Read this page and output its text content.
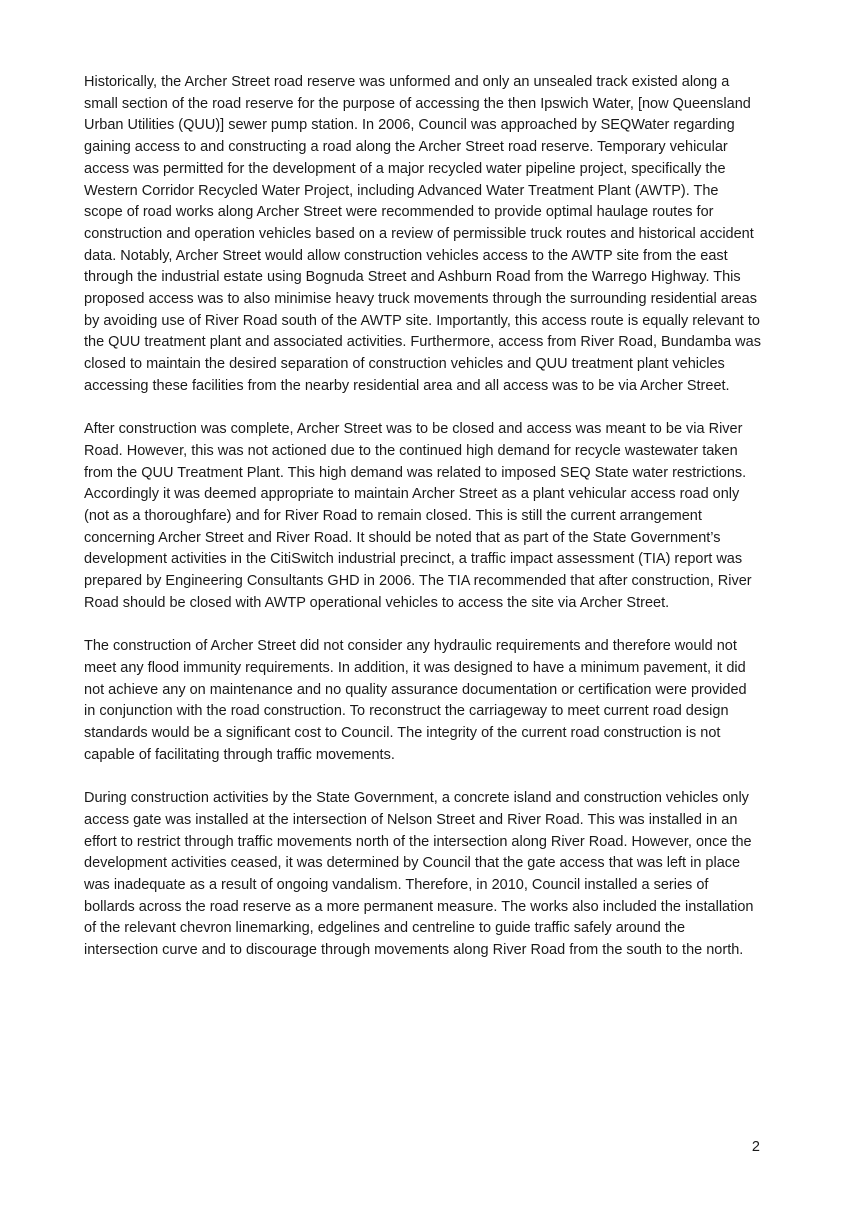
Historically, the Archer Street road reserve was unformed and only an unsealed track existed along a small section of the road reserve for the purpose of accessing the then Ipswich Water, [now Queensland Urban Utilities (QUU)] sewer pump station. In 2006, Council was approached by SEQWater regarding gaining access to and constructing a road along the Archer Street road reserve. Temporary vehicular access was permitted for the development of a major recycled water pipeline project, specifically the Western Corridor Recycled Water Project, including Advanced Water Treatment Plant (AWTP). The scope of road works along Archer Street were recommended to provide optimal haulage routes for construction and operation vehicles based on a review of permissible truck routes and historical accident data. Notably, Archer Street would allow construction vehicles access to the AWTP site from the east through the industrial estate using Bognuda Street and Ashburn Road from the Warrego Highway. This proposed access was to also minimise heavy truck movements through the surrounding residential areas by avoiding use of River Road south of the AWTP site. Importantly, this access route is equally relevant to the QUU treatment plant and associated activities. Furthermore, access from River Road, Bundamba was closed to maintain the desired separation of construction vehicles and QUU treatment plant vehicles accessing these facilities from the nearby residential area and all access was to be via Archer Street.

After construction was complete, Archer Street was to be closed and access was meant to be via River Road. However, this was not actioned due to the continued high demand for recycle wastewater taken from the QUU Treatment Plant. This high demand was related to imposed SEQ State water restrictions. Accordingly it was deemed appropriate to maintain Archer Street as a plant vehicular access road only (not as a thoroughfare) and for River Road to remain closed. This is still the current arrangement concerning Archer Street and River Road. It should be noted that as part of the State Government’s development activities in the CitiSwitch industrial precinct, a traffic impact assessment (TIA) report was prepared by Engineering Consultants GHD in 2006. The TIA recommended that after construction, River Road should be closed with AWTP operational vehicles to access the site via Archer Street.

The construction of Archer Street did not consider any hydraulic requirements and therefore would not meet any flood immunity requirements. In addition, it was designed to have a minimum pavement, it did not achieve any on maintenance and no quality assurance documentation or certification were provided in conjunction with the road construction. To reconstruct the carriageway to meet current road design standards would be a significant cost to Council. The integrity of the current road construction is not capable of facilitating through traffic movements.

During construction activities by the State Government, a concrete island and construction vehicles only access gate was installed at the intersection of Nelson Street and River Road. This was installed in an effort to restrict through traffic movements north of the intersection along River Road. However, once the development activities ceased, it was determined by Council that the gate access that was left in place was inadequate as a result of ongoing vandalism. Therefore, in 2010, Council installed a series of bollards across the road reserve as a more permanent measure. The works also included the installation of the relevant chevron linemarking, edgelines and centreline to guide traffic safely around the intersection curve and to discourage through movements along River Road from the south to the north.

2
